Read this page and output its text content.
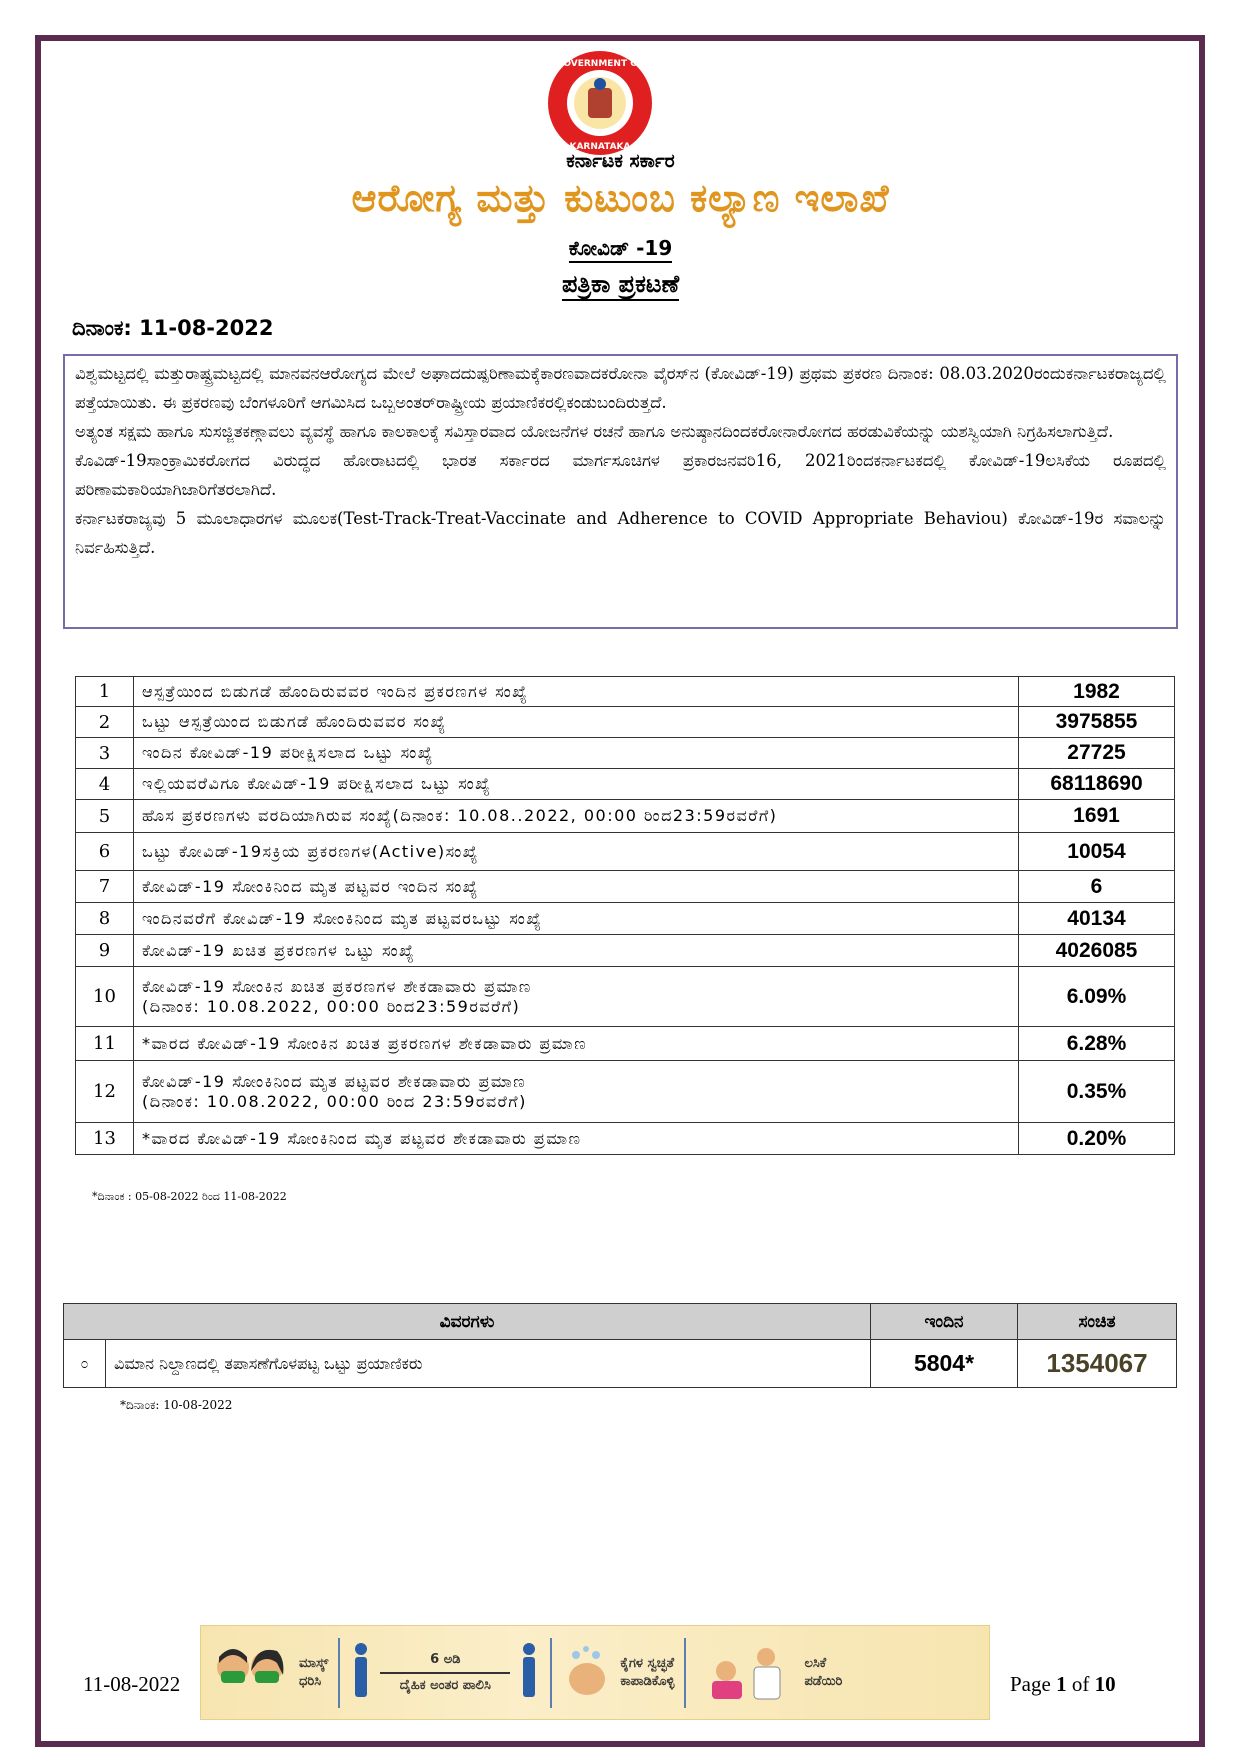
GOVERNMENT OF
KARNATAKA
ಕರ್ನಾಟಕ ಸರ್ಕಾರ
ಆರೋಗ್ಯ ಮತ್ತು ಕುಟುಂಬ ಕಲ್ಯಾಣ ಇಲಾಖೆ
ಕೋವಿಡ್ -19
ಪತ್ರಿಕಾ ಪ್ರಕಟಣೆ
ದಿನಾಂಕ: 11-08-2022

ವಿಶ್ವಮಟ್ಟದಲ್ಲಿ ಮತ್ತುರಾಷ್ಟ್ರಮಟ್ಟದಲ್ಲಿ ಮಾನವನಆರೋಗ್ಯದ ಮೇಲೆ ಅಘಾದದುಷ್ಪರಿಣಾಮಕ್ಕೆಕಾರಣವಾದಕರೋನಾ ವೈರಸ್‌ನ (ಕೋವಿಡ್-19) ಪ್ರಥಮ ಪ್ರಕರಣ ದಿನಾಂಕ: 08.03.2020ರಂದುಕರ್ನಾಟಕರಾಜ್ಯದಲ್ಲಿ ಪತ್ತೆಯಾಯಿತು. ಈ ಪ್ರಕರಣವು ಬೆಂಗಳೂರಿಗೆ ಆಗಮಿಸಿದ ಒಬ್ಬಅಂತರ್‌ರಾಷ್ಟ್ರೀಯ ಪ್ರಯಾಣಿಕರಲ್ಲಿಕಂಡುಬಂದಿರುತ್ತದೆ.

ಅತ್ಯಂತ ಸಕ್ಷಮ ಹಾಗೂ ಸುಸಜ್ಜಿತಕಣ್ಗಾವಲು ವ್ಯವಸ್ಥೆ ಹಾಗೂ ಕಾಲಕಾಲಕ್ಕೆ ಸವಿಸ್ತಾರವಾದ ಯೋಜನೆಗಳ ರಚನೆ ಹಾಗೂ ಅನುಷ್ಠಾನದಿಂದಕರೋನಾರೋಗದ ಹರಡುವಿಕೆಯನ್ನು ಯಶಸ್ವಿಯಾಗಿ ನಿಗ್ರಹಿಸಲಾಗುತ್ತಿದೆ.

ಕೊವಿಡ್-19ಸಾಂಕ್ರಾಮಿಕರೋಗದ ವಿರುದ್ಧದ ಹೋರಾಟದಲ್ಲಿ ಭಾರತ ಸರ್ಕಾರದ ಮಾರ್ಗಸೂಚಿಗಳ ಪ್ರಕಾರಜನವರಿ16, 2021ರಿಂದಕರ್ನಾಟಕದಲ್ಲಿ ಕೋವಿಡ್-19ಲಸಿಕೆಯ ರೂಪದಲ್ಲಿ ಪರಿಣಾಮಕಾರಿಯಾಗಿಜಾರಿಗೆತರಲಾಗಿದೆ.

ಕರ್ನಾಟಕರಾಜ್ಯವು 5 ಮೂಲಾಧಾರಗಳ ಮೂಲಕ(Test-Track-Treat-Vaccinate and Adherence to COVID Appropriate Behaviou) ಕೋವಿಡ್-19ರ ಸವಾಲನ್ನು ನಿರ್ವಹಿಸುತ್ತಿದೆ.

1	ಆಸ್ಪತ್ರೆಯಿಂದ ಬಿಡುಗಡೆ ಹೊಂದಿರುವವರ ಇಂದಿನ ಪ್ರಕರಣಗಳ ಸಂಖ್ಯೆ	1982
2	ಒಟ್ಟು ಆಸ್ಪತ್ರೆಯಿಂದ ಬಿಡುಗಡೆ ಹೊಂದಿರುವವರ ಸಂಖ್ಯೆ	3975855
3	ಇಂದಿನ ಕೋವಿಡ್-19 ಪರೀಕ್ಷಿಸಲಾದ ಒಟ್ಟು ಸಂಖ್ಯೆ	27725
4	ಇಲ್ಲಿಯವರೆವಿಗೂ ಕೋವಿಡ್-19 ಪರೀಕ್ಷಿಸಲಾದ ಒಟ್ಟು ಸಂಖ್ಯೆ	68118690
5	ಹೊಸ ಪ್ರಕರಣಗಳು ವರದಿಯಾಗಿರುವ ಸಂಖ್ಯೆ(ದಿನಾಂಕ: 10.08..2022, 00:00 ರಿಂದ23:59ರವರೆಗೆ)	1691
6	ಒಟ್ಟು ಕೋವಿಡ್-19ಸಕ್ರಿಯ ಪ್ರಕರಣಗಳ(Active)ಸಂಖ್ಯೆ	10054
7	ಕೋವಿಡ್-19 ಸೋಂಕಿನಿಂದ ಮೃತ ಪಟ್ಟವರ ಇಂದಿನ ಸಂಖ್ಯೆ	6
8	ಇಂದಿನವರೆಗೆ ಕೋವಿಡ್-19 ಸೋಂಕಿನಿಂದ ಮೃತ ಪಟ್ಟವರಒಟ್ಟು ಸಂಖ್ಯೆ	40134
9	ಕೋವಿಡ್-19 ಖಚಿತ ಪ್ರಕರಣಗಳ ಒಟ್ಟು ಸಂಖ್ಯೆ	4026085
10	ಕೋವಿಡ್-19 ಸೋಂಕಿನ ಖಚಿತ ಪ್ರಕರಣಗಳ ಶೇಕಡಾವಾರು ಪ್ರಮಾಣ
(ದಿನಾಂಕ: 10.08.2022, 00:00 ರಿಂದ23:59ರವರೆಗೆ)	6.09%
11	*ವಾರದ ಕೋವಿಡ್-19 ಸೋಂಕಿನ ಖಚಿತ ಪ್ರಕರಣಗಳ ಶೇಕಡಾವಾರು ಪ್ರಮಾಣ	6.28%
12	ಕೋವಿಡ್-19 ಸೋಂಕಿನಿಂದ ಮೃತ ಪಟ್ಟವರ ಶೇಕಡಾವಾರು ಪ್ರಮಾಣ
(ದಿನಾಂಕ: 10.08.2022, 00:00 ರಿಂದ 23:59ರವರೆಗೆ)	0.35%
13	*ವಾರದ ಕೋವಿಡ್-19 ಸೋಂಕಿನಿಂದ ಮೃತ ಪಟ್ಟವರ ಶೇಕಡಾವಾರು ಪ್ರಮಾಣ	0.20%
*ದಿನಾಂಕ : 05-08-2022 ರಿಂದ 11-08-2022
ವಿವರಗಳು		ಇಂದಿನ	ಸಂಚಿತ
೦	ವಿಮಾನ ನಿಲ್ದಾಣದಲ್ಲಿ ತಪಾಸಣೆಗೊಳಪಟ್ಟ ಒಟ್ಟು ಪ್ರಯಾಣಿಕರು	5804*	1354067
*ದಿನಾಂಕ: 10-08-2022
ಮಾಸ್ಕ್
ಧರಿಸಿ
6 ಅಡಿ
ದೈಹಿಕ ಅಂತರ ಪಾಲಿಸಿ
ಕೈಗಳ ಸ್ವಚ್ಛತೆ
ಕಾಪಾಡಿಕೊಳ್ಳಿ
ಲಸಿಕೆ
ಪಡೆಯಿರಿ
11-08-2022	Page 1 of 10
